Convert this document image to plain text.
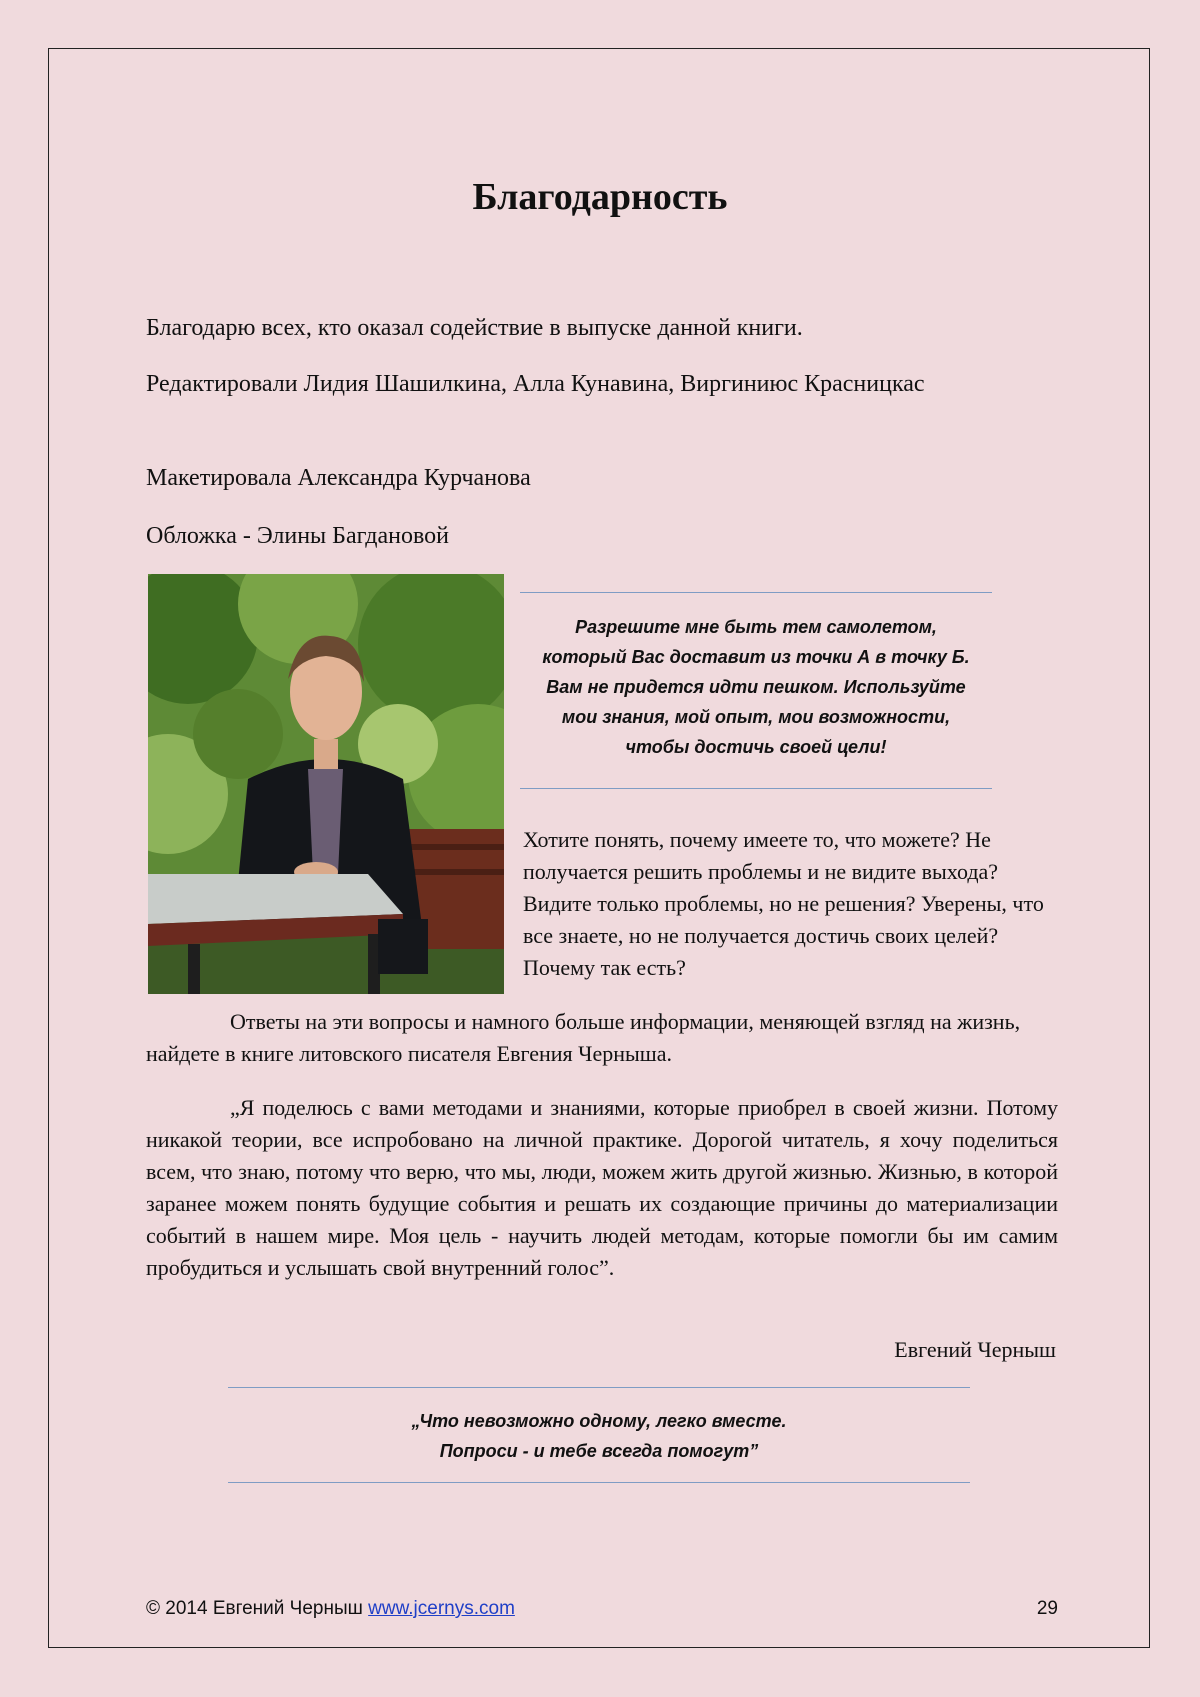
Благодарность

Благодарю всех, кто оказал содействие в выпуске данной книги.

Редактировали Лидия Шашилкина, Алла Кунавина, Виргиниюс Красницкас

Макетировала Александра Курчанова

Обложка - Элины Багдановой

Разрешите мне быть тем самолетом,
который Вас доставит из точки А в точку Б.
Вам не придется идти пешком. Используйте
мои знания, мой опыт, мои возможности,
чтобы достичь своей цели!

Хотите понять, почему имеете то, что можете? Не получается решить проблемы и не видите выхода? Видите только проблемы, но не решения? Уверены, что все знаете, но не получается достичь своих целей? Почему так есть?

Ответы на эти вопросы и намного больше информации, меняющей взгляд на жизнь, найдете в книге литовского писателя Евгения Черныша.

„Я поделюсь с вами методами и знаниями, которые приобрел в своей жизни. Потому никакой теории, все испробовано на личной практике. Дорогой читатель, я хочу поделиться всем, что знаю, потому что верю, что мы, люди, можем жить другой жизнью. Жизнью, в которой заранее можем понять будущие события и решать их создающие причины до материализации событий в нашем мире. Моя цель - научить людей методам, которые помогли бы им самим пробудиться и услышать свой внутренний голос”.

Евгений Черныш

„Что невозможно одному, легко вместе.
Попроси - и тебе всегда помогут”
© 2014 Евгений Черныш www.jcernys.com	29
